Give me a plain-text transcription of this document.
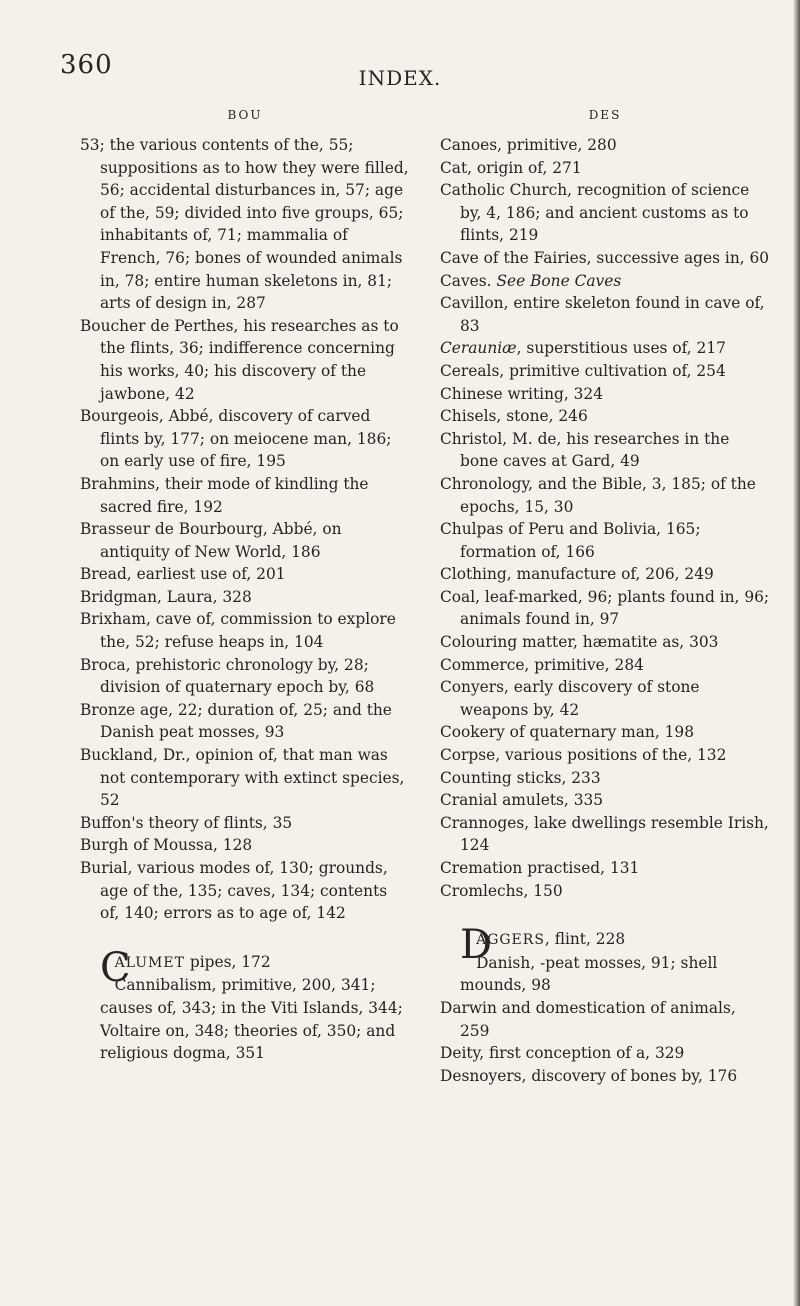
360	INDEX.
BOU

53; the various contents of the, 55; suppositions as to how they were filled, 56; accidental disturbances in, 57; age of the, 59; divided into five groups, 65; inhabitants of, 71; mammalia of French, 76; bones of wounded animals in, 78; entire human skeletons in, 81; arts of design in, 287

Boucher de Perthes, his researches as to the flints, 36; indifference concerning his works, 40; his discovery of the jawbone, 42

Bourgeois, Abbé, discovery of carved flints by, 177; on meiocene man, 186; on early use of fire, 195

Brahmins, their mode of kindling the sacred fire, 192

Brasseur de Bourbourg, Abbé, on antiquity of New World, 186

Bread, earliest use of, 201

Bridgman, Laura, 328

Brixham, cave of, commission to explore the, 52; refuse heaps in, 104

Broca, prehistoric chronology by, 28; division of quaternary epoch by, 68

Bronze age, 22; duration of, 25; and the Danish peat mosses, 93

Buckland, Dr., opinion of, that man was not contemporary with extinct species, 52

Buffon's theory of flints, 35

Burgh of Moussa, 128

Burial, various modes of, 130; grounds, age of the, 135; caves, 134; contents of, 140; errors as to age of, 142

C
ALUMET pipes, 172

Cannibalism, primitive, 200, 341; causes of, 343; in the Viti Islands, 344; Voltaire on, 348; theories of, 350; and religious dogma, 351

DES

Canoes, primitive, 280

Cat, origin of, 271

Catholic Church, recognition of science by, 4, 186; and ancient customs as to flints, 219

Cave of the Fairies, successive ages in, 60

Caves. See Bone Caves

Cavillon, entire skeleton found in cave of, 83

Cerauniæ, superstitious uses of, 217

Cereals, primitive cultivation of, 254

Chinese writing, 324

Chisels, stone, 246

Christol, M. de, his researches in the bone caves at Gard, 49

Chronology, and the Bible, 3, 185; of the epochs, 15, 30

Chulpas of Peru and Bolivia, 165; formation of, 166

Clothing, manufacture of, 206, 249

Coal, leaf-marked, 96; plants found in, 96; animals found in, 97

Colouring matter, hæmatite as, 303

Commerce, primitive, 284

Conyers, early discovery of stone weapons by, 42

Cookery of quaternary man, 198

Corpse, various positions of the, 132

Counting sticks, 233

Cranial amulets, 335

Crannoges, lake dwellings resemble Irish, 124

Cremation practised, 131

Cromlechs, 150

D
AGGERS, flint, 228

Danish, -peat mosses, 91; shell mounds, 98

Darwin and domestication of animals, 259

Deity, first conception of a, 329

Desnoyers, discovery of bones by, 176
